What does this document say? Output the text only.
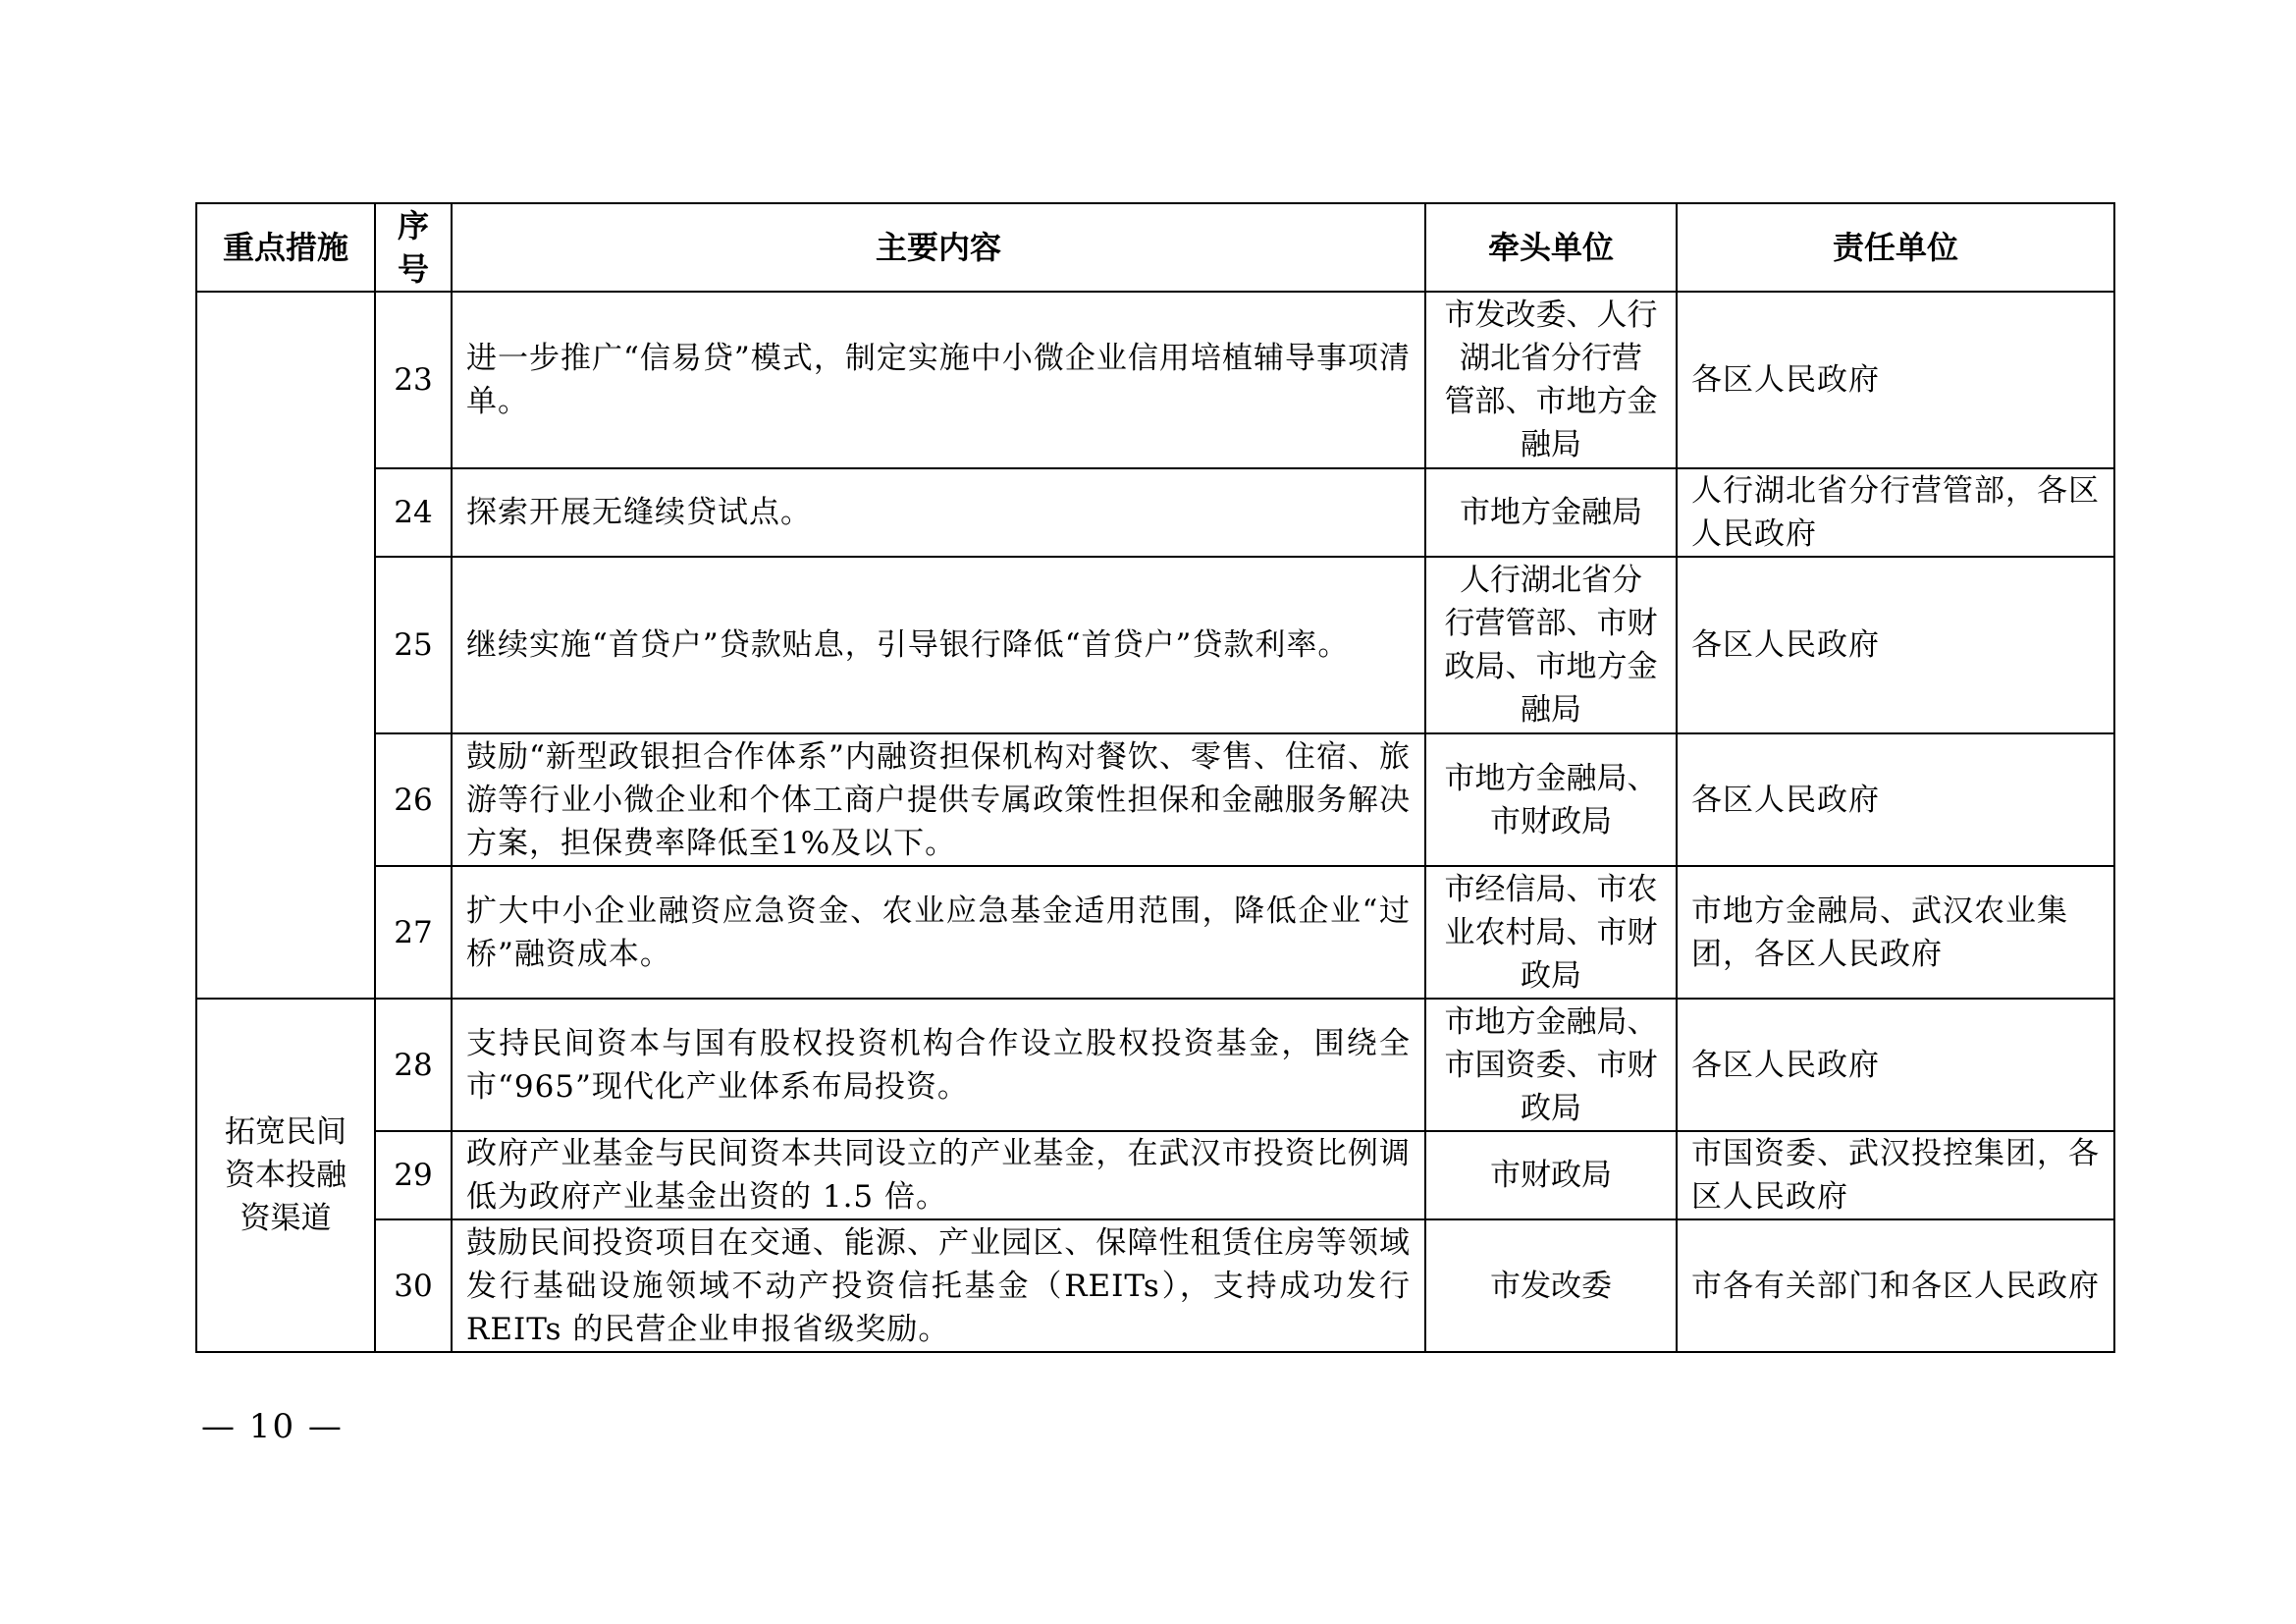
重点措施	序
号	主要内容	牵头单位	责任单位
	23	进一步推广“信易贷”模式，制定实施中小微企业信用培植辅导事项清单。	市发改委、人行
湖北省分行营
管部、市地方金
融局	各区人民政府
	24	探索开展无缝续贷试点。	市地方金融局	人行湖北省分行营管部，各区人民政府
	25	继续实施“首贷户”贷款贴息，引导银行降低“首贷户”贷款利率。	人行湖北省分
行营管部、市财
政局、市地方金
融局	各区人民政府
	26	鼓励“新型政银担合作体系”内融资担保机构对餐饮、零售、住宿、旅游等行业小微企业和个体工商户提供专属政策性担保和金融服务解决方案，担保费率降低至1%及以下。	市地方金融局、
市财政局	各区人民政府
	27	扩大中小企业融资应急资金、农业应急基金适用范围，降低企业“过桥”融资成本。	市经信局、市农
业农村局、市财
政局	市地方金融局、武汉农业集团，各区人民政府

拓宽民间
资本投融
资渠道	28	支持民间资本与国有股权投资机构合作设立股权投资基金，围绕全市“965”现代化产业体系布局投资。	市地方金融局、
市国资委、市财
政局	各区人民政府
	29	政府产业基金与民间资本共同设立的产业基金，在武汉市投资比例调低为政府产业基金出资的 1.5 倍。	市财政局	市国资委、武汉投控集团，各区人民政府
	30	鼓励民间投资项目在交通、能源、产业园区、保障性租赁住房等领域发行基础设施领域不动产投资信托基金（REITs），支持成功发行 REITs 的民营企业申报省级奖励。	市发改委	市各有关部门和各区人民政府
— 10 —
